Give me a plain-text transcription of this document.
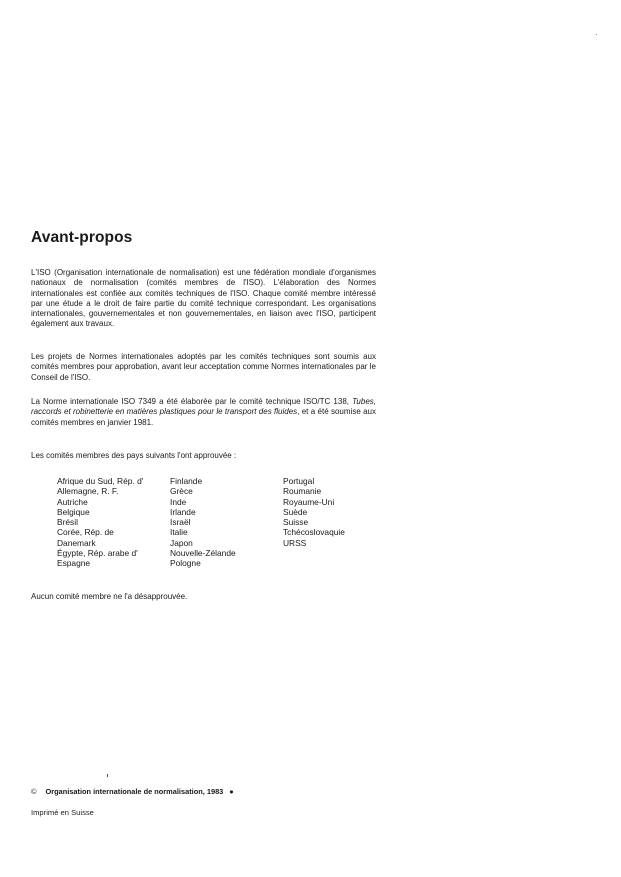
Avant-propos

L'ISO (Organisation internationale de normalisation) est une fédération mondiale d'organismes nationaux de normalisation (comités membres de l'ISO). L'élaboration des Normes internationales est confiée aux comités techniques de l'ISO. Chaque comité membre intéressé par une étude a le droit de faire partie du comité technique correspondant. Les organisations internationales, gouvernementales et non gouvernementales, en liaison avec l'ISO, participent également aux travaux.

Les projets de Normes internationales adoptés par les comités techniques sont soumis aux comités membres pour approbation, avant leur acceptation comme Normes internationales par le Conseil de l'ISO.

La Norme internationale ISO 7349 a été élaborée par le comité technique ISO/TC 138, Tubes, raccords et robinetterie en matières plastiques pour le transport des fluides, et a été soumise aux comités membres en janvier 1981.

Les comités membres des pays suivants l'ont approuvée :

Afrique du Sud, Rép. d'
Allemagne, R. F.
Autriche
Belgique
Brésil
Corée, Rép. de
Danemark
Égypte, Rép. arabe d'
Espagne
Finlande
Grèce
Inde
Irlande
Israël
Italie
Japon
Nouvelle-Zélande
Pologne
Portugal
Roumanie
Royaume-Uni
Suède
Suisse
Tchécoslovaquie
URSS

Aucun comité membre ne l'a désapprouvée.

© Organisation internationale de normalisation, 1983 ●
Imprimé en Suisse
